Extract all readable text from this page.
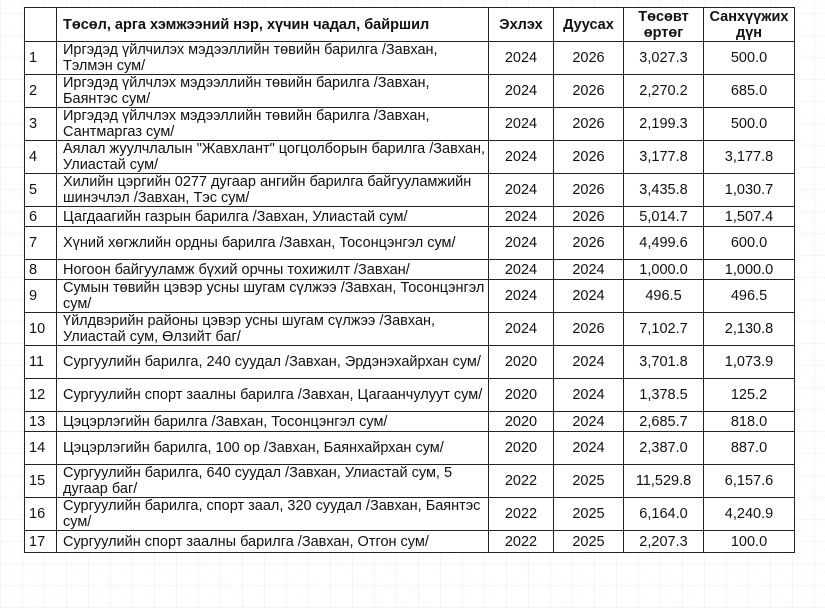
	Төсөл, арга хэмжээний нэр, хүчин чадал, байршил	Эхлэх	Дуусах	Төсөвт өртөг	Санхүүжих дүн
1	Иргэдэд үйлчилэх мэдээллийн төвийн барилга /Завхан, Тэлмэн сум/	2024	2026	3,027.3	500.0
2	Иргэдэд үйлчлэх мэдээллийн төвийн барилга /Завхан, Баянтэс сум/	2024	2026	2,270.2	685.0
3	Иргэдэд үйлчлэх мэдээллийн төвийн барилга /Завхан, Сантмаргаз сум/	2024	2026	2,199.3	500.0
4	Аялал жуулчлалын "Жавхлант" цогцолборын барилга /Завхан, Улиастай сум/	2024	2026	3,177.8	3,177.8
5	Хилийн цэргийн 0277 дугаар ангийн барилга байгууламжийн шинэчлэл /Завхан, Тэс сум/	2024	2026	3,435.8	1,030.7
6	Цагдаагийн газрын барилга /Завхан, Улиастай сум/	2024	2026	5,014.7	1,507.4
7	Хүний хөгжлийн ордны барилга /Завхан, Тосонцэнгэл сум/	2024	2026	4,499.6	600.0
8	Ногоон байгууламж бүхий орчны тохижилт /Завхан/	2024	2024	1,000.0	1,000.0
9	Сумын төвийн цэвэр усны шугам сүлжээ /Завхан, Тосонцэнгэл сум/	2024	2024	496.5	496.5
10	Үйлдвэрийн районы цэвэр усны шугам сүлжээ /Завхан, Улиастай сум, Өлзийт баг/	2024	2026	7,102.7	2,130.8
11	Сургуулийн барилга, 240 суудал /Завхан, Эрдэнэхайрхан сум/	2020	2024	3,701.8	1,073.9
12	Сургуулийн спорт заалны барилга /Завхан, Цагаанчулуут сум/	2020	2024	1,378.5	125.2
13	Цэцэрлэгийн барилга /Завхан, Тосонцэнгэл сум/	2020	2024	2,685.7	818.0
14	Цэцэрлэгийн барилга, 100 ор /Завхан, Баянхайрхан сум/	2020	2024	2,387.0	887.0
15	Сургуулийн барилга, 640 суудал /Завхан, Улиастай сум, 5 дугаар баг/	2022	2025	11,529.8	6,157.6
16	Сургуулийн барилга, спорт заал, 320 суудал /Завхан, Баянтэс сум/	2022	2025	6,164.0	4,240.9
17	Сургуулийн спорт заалны барилга /Завхан, Отгон сум/	2022	2025	2,207.3	100.0
